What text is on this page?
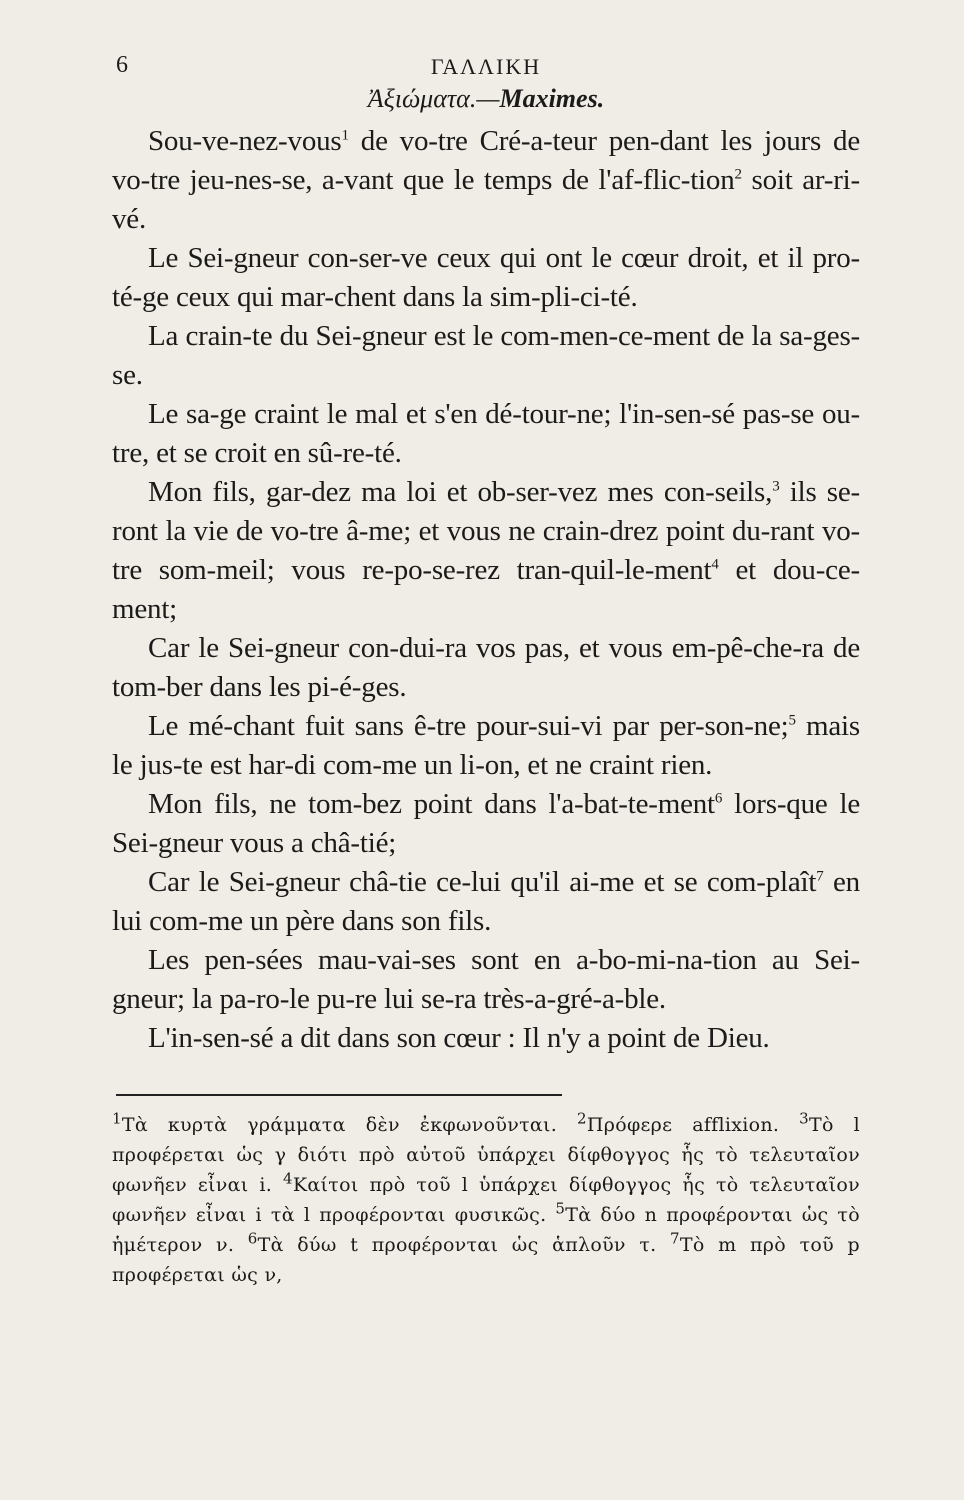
6	ΓΑΛΛΙΚΗ
Ἀξιώματα.—Maximes.

Sou-ve-nez-vous$^1$ de vo-tre Cré-a-teur pen-dant les jours de vo-tre jeu-nes-se, a-vant que le temps de l'af-flic-tion$^2$ soit ar-ri-vé.

Le Sei-gneur con-ser-ve ceux qui ont le cœur droit, et il pro-té-ge ceux qui mar-chent dans la sim-pli-ci-té.

La crain-te du Sei-gneur est le com-men-ce-ment de la sa-ges-se.

Le sa-ge craint le mal et s'en dé-tour-ne; l'in-sen-sé pas-se ou-tre, et se croit en sû-re-té.

Mon fils, gar-dez ma loi et ob-ser-vez mes con-seils,$^3$ ils se-ront la vie de vo-tre â-me; et vous ne crain-drez point du-rant vo-tre som-meil; vous re-po-se-rez tran-quil-le-ment$^4$ et dou-ce-ment;

Car le Sei-gneur con-dui-ra vos pas, et vous em-pê-che-ra de tom-ber dans les pi-é-ges.

Le mé-chant fuit sans ê-tre pour-sui-vi par per-son-ne;$^5$ mais le jus-te est har-di com-me un li-on, et ne craint rien.

Mon fils, ne tom-bez point dans l'a-bat-te-ment$^6$ lors-que le Sei-gneur vous a châ-tié;

Car le Sei-gneur châ-tie ce-lui qu'il ai-me et se com-plaît$^7$ en lui com-me un père dans son fils.

Les pen-sées mau-vai-ses sont en a-bo-mi-na-tion au Sei-gneur; la pa-ro-le pu-re lui se-ra très-a-gré-a-ble.

L'in-sen-sé a dit dans son cœur : Il n'y a point de Dieu.

$^1$Τὰ κυρτὰ γράμματα δὲν ἐκφωνοῦνται. $^2$Πρόφερε afflixion. $^3$Τὸ l προφέρεται ὡς γ διότι πρὸ αὐτοῦ ὑπάρχει δίφθογγος ἧς τὸ τελευταῖον φωνῆεν εἶναι i. $^4$Καίτοι πρὸ τοῦ l ὑπάρχει δίφθογγος ἧς τὸ τελευταῖον φωνῆεν εἶναι i τὰ l προφέρονται φυσικῶς. $^5$Τὰ δύο n προφέρονται ὡς τὸ ἡμέτερον ν. $^6$Τὰ δύω t προφέρονται ὡς ἁπλοῦν τ. $^7$Τὸ m πρὸ τοῦ p προφέρεται ὡς ν,
